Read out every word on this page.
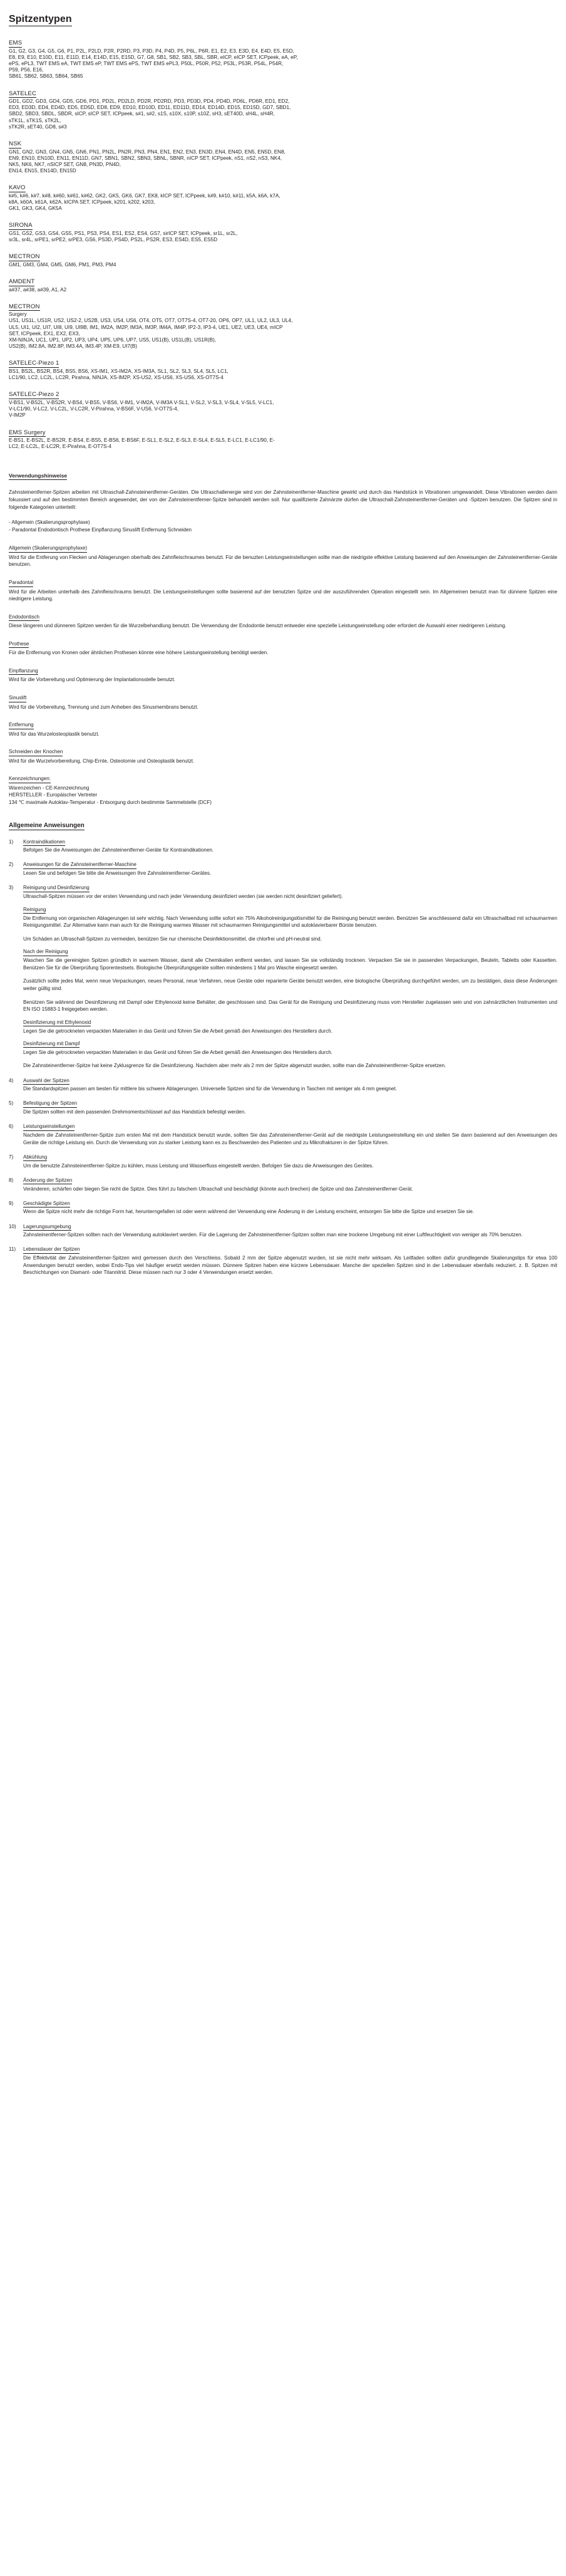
Spitzentypen
EMS
G1, G2, G3, G4, G5, G6, P1, P2L, P2LD, P2R, P2RD, P3, P3D, P4, P4D, P5, P6L, P6R, E1, E2, E3, E3D, E4, E4D, E5, E5D,
E8, E9, E10, E10D, E11, E11D, E14, E14D, E15, E15D, G7, G8, SB1, SB2, SB3, SBL, SBR, eICP, eICP SET, ICPpeek, eA, eP,
ePS, ePL3, TWT EMS eA, TWT EMS eP, TWT EMS ePS, TWT EMS ePL3, P50L, P50R, P52, P53L, P53R, P54L, P54R,
P59, P56, E16,
SB61, SB62, SB63, SB64, SB65
SATELEC
GD1, GD2, GD3, GD4, GD5, GD6, PD1, PD2L, PD2LD, PD2R, PD2RD, PD3, PD3D, PD4, PD4D, PD6L, PD6R, ED1, ED2,
ED3, ED3D, ED4, ED4D, ED5, ED5D, ED8, ED9, ED10, ED10D, ED11, ED11D, ED14, ED14D, ED15, ED15D, GD7, SBD1,
SBD2, SBD3, SBDL, SBDR, sICP, sICP SET, ICPpeek, s#1, s#2, s1S, s10X, s10P, s10Z, sH3, sET40D, sH4L, sH4R,
sTK1L, sTK1S, sTK2L,
sTK2R, sET40, GD8, s#3
NSK
GN1, GN2, GN3, GN4, GN5, GN6, PN1, PN2L, PN2R, PN3, PN4, EN1, EN2, EN3, EN3D, EN4, EN4D, EN5, EN5D, EN8,
EN9, EN10, EN10D, EN11, EN11D, GN7, SBN1, SBN2, SBN3, SBNL, SBNR, nICP SET, ICPpeek, nS1, nS2, nS3, NK4,
NK5, NK6, NK7, nSICP SET, GN8, PN3D, PN4D,
EN14, EN15, EN14D, EN15D
KAVO
k#5, k#6, k#7, k#8, k#60, k#61, k#62, GK2, GK5, GK6, GK7, EK8, kICP SET, ICPpeek, k#9, k#10, k#11, k5A, k6A, k7A,
k8A, k60A, k61A, k62A, kICPA SET, ICPpeek, k201, k202, k203,
GK1, GK3, GK4, GK5A
SIRONA
GS1, GS2, GS3, GS4, GS5, PS1, PS3, PS4, ES1, ES2, ES4, GS7, sirICP SET, ICPpeek, sr1L, sr2L,
sr3L, sr4L, srPE1, srPE2, srPE3, GS6, PS3D, PS4D, PS2L, PS2R, ES3, ES4D, ES5, ES5D
MECTRON
GM1, GM3, GM4, GM5, GM6, PM1, PM3, PM4
AMDENT
a#37, a#38, a#39, A1, A2
MECTRON
Surgery
US1, US1L, US1R, US2, US2-2, US2B, US3, US4, US6, OT4, OT5, OT7, OT7S-4, OT7-20, OP6, OP7, UL1, UL2, UL3, UL4,
UL5, UI1, UI2, UI7, UI8, UI9, UI9B, IM1, IM2A, IM2P, IM3A, IM3P, IM4A, IM4P, IP2-3, IP3-4, UE1, UE2, UE3, UE4, mICP
SET, ICPpeek, EX1, EX2, EX3,
XM-NINJA, UC1, UP1, UP2, UP3, UP4, UP5, UP6, UP7, US5, US1(B), US1L(B), US1R(B),
US2(B), IM2.8A, IM2.8P, IM3.4A, IM3.4P, XM-E9, UI7(B)
SATELEC-Piezo 1
BS1, BS2L, BS2R, BS4, BS5, BS6, XS-IM1, XS-IM2A, XS-IM3A, SL1, SL2, SL3, SL4, SL5, LC1,
LC1/90, LC2, LC2L, LC2R, Pirahna, NINJA, XS-IM2P, XS-US2, XS-US6, XS-US6, XS-OT7S-4
SATELEC-Piezo 2
V-BS1, V-BS2L, V-BS2R, V-BS4, V-BS5, V-BS6, V-IM1, V-IM2A, V-IM3A V-SL1, V-SL2, V-SL3, V-SL4, V-SL5, V-LC1,
V-LC1/90, V-LC2, V-LC2L, V-LC2R, V-Pirahna, V-BS6F, V-US6, V-OT7S-4,
V-IM2P
EMS Surgery
E-BS1, E-BS2L, E-BS2R, E-BS4, E-BS5, E-BS6, E-BS6F, E-SL1, E-SL2, E-SL3, E-SL4, E-SL5, E-LC1, E-LC1/90, E-
LC2, E-LC2L, E-LC2R, E-Pirahna, E-OT7S-4
Verwendungshinweise

Zahnsteinentferner-Spitzen arbeiten mit Ultraschall-Zahnsteinentferner-Geräten. Die Ultraschallenergie wird von der Zahnsteinentferner-Maschine gewirkt und durch das Handstück in Vibrationen umgewandelt. Diese Vibrationen werden dann fokussiert und auf den bestimmten Bereich angewendet, der von der Zahnsteinentferner-Spitze behandelt werden soll. Nur qualifizierte Zahnärzte dürfen die Ultraschall-Zahnsteinentferner-Geräten und -Spitzen benutzen. Die Spitzen sind in folgende Kategorien unterteilt:

- Allgemein (Skalierungsprophylaxe)
- Paradontal Endodontisch Prothese Einpflanzung Sinuslift Entfernung Schneiden
Allgemein (Skalierungsprophylaxe)

Wird für die Entferung von Flecken und Ablagerungen oberhalb des Zahnfleischraumes benutzt. Für die benuzten Leistungseinstellungen sollte man die niedrigste effektive Leistung basierend auf den Anweisungen der Zahnsteinentferner-Geräte benutzen.

Paradontal

Wird für die Arbeiten unterhalb des Zahnfleischraums benutzt. Die Leistungseinstellungen sollte basierend auf der benutzten Spitze und der auszuführenden Operation eingestellt sein. Im Allgemeinen benutzt man für dünnere Spitzen eine niedrigere Leistung.

Endodontisch

Diese längeren und dünneren Spitzen werden für die Wurzelbehandlung benutzt. Die Verwendung der Endodontie benutzt entweder eine spezielle Leistungseinstellung oder erfordert die Auswahl einer niedrigeren Leistung.

Prothese

Für die Entfernung von Kronen oder ähnlichen Prothesen könnte eine höhere Leistungseinstellung benötigt werden.

Einpflanzung

Wird für die Vorbereitung und Optimierung der Implantationsstelle benutzt.

Sinuslift

Wird für die Vorbereitung, Trennung und zum Anheben des Sinusmembrans benutzt.

Entfernung

Wird für das Wurzelosteoplastik benutzt.

Schneiden der Knochen

Wird für die Wurzelvorbereitung, Chip-Ernte, Osteotomie und Osteoplastik benutzt.

Kennzeichnungen:

Warenzeichen - CE-Kennzeichnung

HERSTELLER - Europäischer Vertreter

134 ℃ maximale Autoklav-Temperatur - Entsorgung durch bestimmte Sammelstelle (DCF)

Allgemeine Anweisungen
1)	Kontraindikationen

Befolgen Sie die Anweisungen der Zahnsteinentferner-Geräte für Kontraindikationen.

2)	Anweisungen für die Zahnsteinentferner-Maschine

Lesen Sie und befolgen Sie bitte die Anweisungen Ihre Zahnsteinentferner-Gerätes.

3)	Reinigung und Desinfizierung

Ultraschall-Spitzen müssen vor der ersten Verwendung und nach jeder Verwendung desinfiziert werden (sie werden nicht desinfiziert geliefert).

Reinigung

Die Entfernung von organischen Ablagerungen ist sehr wichtig. Nach Verwendung sollte sofort ein 75% Alkoholreinigungslösmittel für die Reiningung benutzt werden. Benützen Sie anschliessend dafür ein Ultraschallbad mit schaumarmen Reinigungsmittel. Zur Alternative kann man auch für die Reinigung warmes Wasser mit schaumarmen Reinigungsmittel und autoklavierbarer Bürste benutzen.

Um Schäden an Ultraschall-Spitzen zu vermeiden, benützen Sie nur chemische Desinfektionsmittel, die chlorfrei und pH-neutral sind.

Nach der Reinigung

Waschen Sie die gereinigten Spitzen gründlich in warmem Wasser, damit alle Chemikalien entfernt werden, und lassen Sie sie vollständig trocknen. Verpacken Sie sie in passenden Verpackungen, Beuteln, Tabletts oder Kassetten. Benützen Sie für die Überprüfung Sporentestsets. Biologische Überprüfungsgeräte sollten mindestens 1 Mal pro Wasche eingesetzt werden.

Zusätzlich sollte jedes Mal, wenn neue Verpackungen, neues Personal, neue Verfahren, neue Geräte oder reparierte Geräte benutzt werden, eine biologische Überprüfung durchgeführt werden, um zu bestätigen, dass diese Änderungen weiter gültig sind.

Benützen Sie während der Desinfizierung mit Dampf oder Ethylenoxid keine Behälter, die geschlossen sind. Das Gerät für die Reinigung und Desinfizierung muss vom Hersteller zugelassen sein und von zahnärztlichen Instrumenten und EN ISO 15883-1 freigegeben werden.

Desinfizierung mit Ethylenoxid

Legen Sie die getrockneten verpackten Materialien in das Gerät und führen Sie die Arbeit gemäß den Anweisungen des Herstellers durch.

Desinfizierung mit Dampf

Legen Sie die getrockneten verpackten Materialien in das Gerät und führen Sie die Arbeit gemäß den Anweisungen des Herstellers durch.

Die Zahnsteinentferner-Spitze hat keine Zyklusgrenze für die Desinfizierung. Nachdem aber mehr als 2 mm der Spitze abgenutzt wurden, sollte man die Zahnsteinentferner-Spitze ersetzen.

4)	Auswahl der Spitzen

Die Standardspitzen passen am besten für mittlere bis schwere Ablagerungen. Universelle Spitzen sind für die Verwendung in Taschen mit weniger als 4 mm geeignet.

5)	Befestigung der Spitzen

Die Spitzen sollten mit dem passenden Drehmomentschlüssel auf das Handstück befestigt werden.

6)	Leistungseinstellungen

Nachdem die Zahnsteinentferner-Spitze zum ersten Mal mit dem Handstück benutzt wurde, sollten Sie das Zahnsteinentferner-Gerät auf die niedrigste Leistungseinstellung ein und stellen Sie dann basierend auf den Anweisungen des Geräte die richtige Leistung ein. Durch die Verwendung von zu starker Leistung kann es zu Beschwerden des Patienten und zu Mikrofrakturen in der Spitze führen.

7)	Abkühlung

Um die benutzte Zahnsteinentferner-Spitze zu kühlen, muss Leistung und Wasserfluss eingestellt werden. Befolgen Sie dazu die Anweisungen des Gerätes.

8)	Änderung der Spitzen

Veränderen, schärfen oder biegen Sie nicht die Spitze. Dies führt zu falschem Ultraschall und beschädigt (könnte auch brechen) die Spitze und das Zahnsteinentferner-Gerät.

9)	Geschädigte Spitzen

Wenn die Spitze nicht mehr die richtige Form hat, herunterngefallen ist oder wenn während der Verwendung eine Änderung in der Leistung erscheint, entsorgen Sie bitte die Spitze und ersetzen Sie sie.

10)	Lagerungsumgebung

Zahnsteinentferner-Spitzen sollten nach der Verwendung autoklaviert werden. Für die Lagerung der Zahnsteinentferner-Spitzen sollten man eine trockene Umgebung mit einer Luftfeuchtigkeit von weniger als 70% benutzen.

11)	Lebensdauer der Spitzen

Die Effektivität der Zahnsteinentferner-Spitzen wird gemessen durch den Verschleiss. Sobald 2 mm der Spitze abgenutzt wurden, ist sie nicht mehr wirksam. Als Leitfaden sollten dafür grundlegende Skalierungstips für etwa 100 Anwendungen benutzt werden, wobei Endo-Tips viel häufiger ersetzt werden müssen. Dünnere Spitzen haben eine kürzere Lebensdauer. Manche der speziellen Spitzen sind in der Lebensdauer ebenfalls reduziert. z. B. Spitzen mit Beschichtungen von Diamant- oder Titannitrid. Diese müssen nach nur 3 oder 4 Verwendungen ersetzt werden.
